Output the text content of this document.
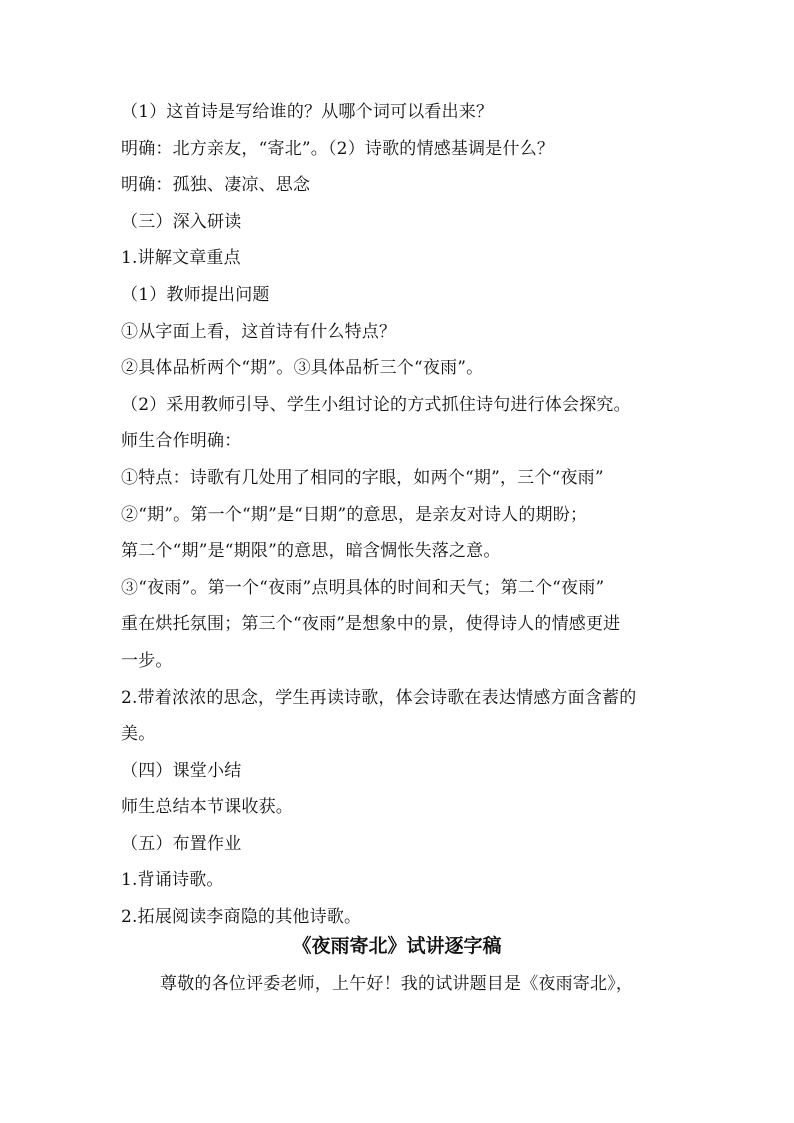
（1）这首诗是写给谁的？从哪个词可以看出来？
明确：北方亲友，“寄北”。（2）诗歌的情感基调是什么？
明确：孤独、凄凉、思念
（三）深入研读
1.讲解文章重点
（1）教师提出问题
①从字面上看，这首诗有什么特点？
②具体品析两个“期”。③具体品析三个“夜雨”。
（2）采用教师引导、学生小组讨论的方式抓住诗句进行体会探究。
师生合作明确：
①特点：诗歌有几处用了相同的字眼，如两个“期”，三个“夜雨”
②“期”。第一个“期”是“日期”的意思，是亲友对诗人的期盼；
第二个“期”是“期限”的意思，暗含惆怅失落之意。
③“夜雨”。第一个“夜雨”点明具体的时间和天气；第二个“夜雨”
重在烘托氛围；第三个“夜雨”是想象中的景，使得诗人的情感更进
一步。
2.带着浓浓的思念，学生再读诗歌，体会诗歌在表达情感方面含蓄的
美。
（四）课堂小结
师生总结本节课收获。
（五）布置作业
1.背诵诗歌。
2.拓展阅读李商隐的其他诗歌。
《夜雨寄北》试讲逐字稿
尊敬的各位评委老师，上午好！我的试讲题目是《夜雨寄北》，
